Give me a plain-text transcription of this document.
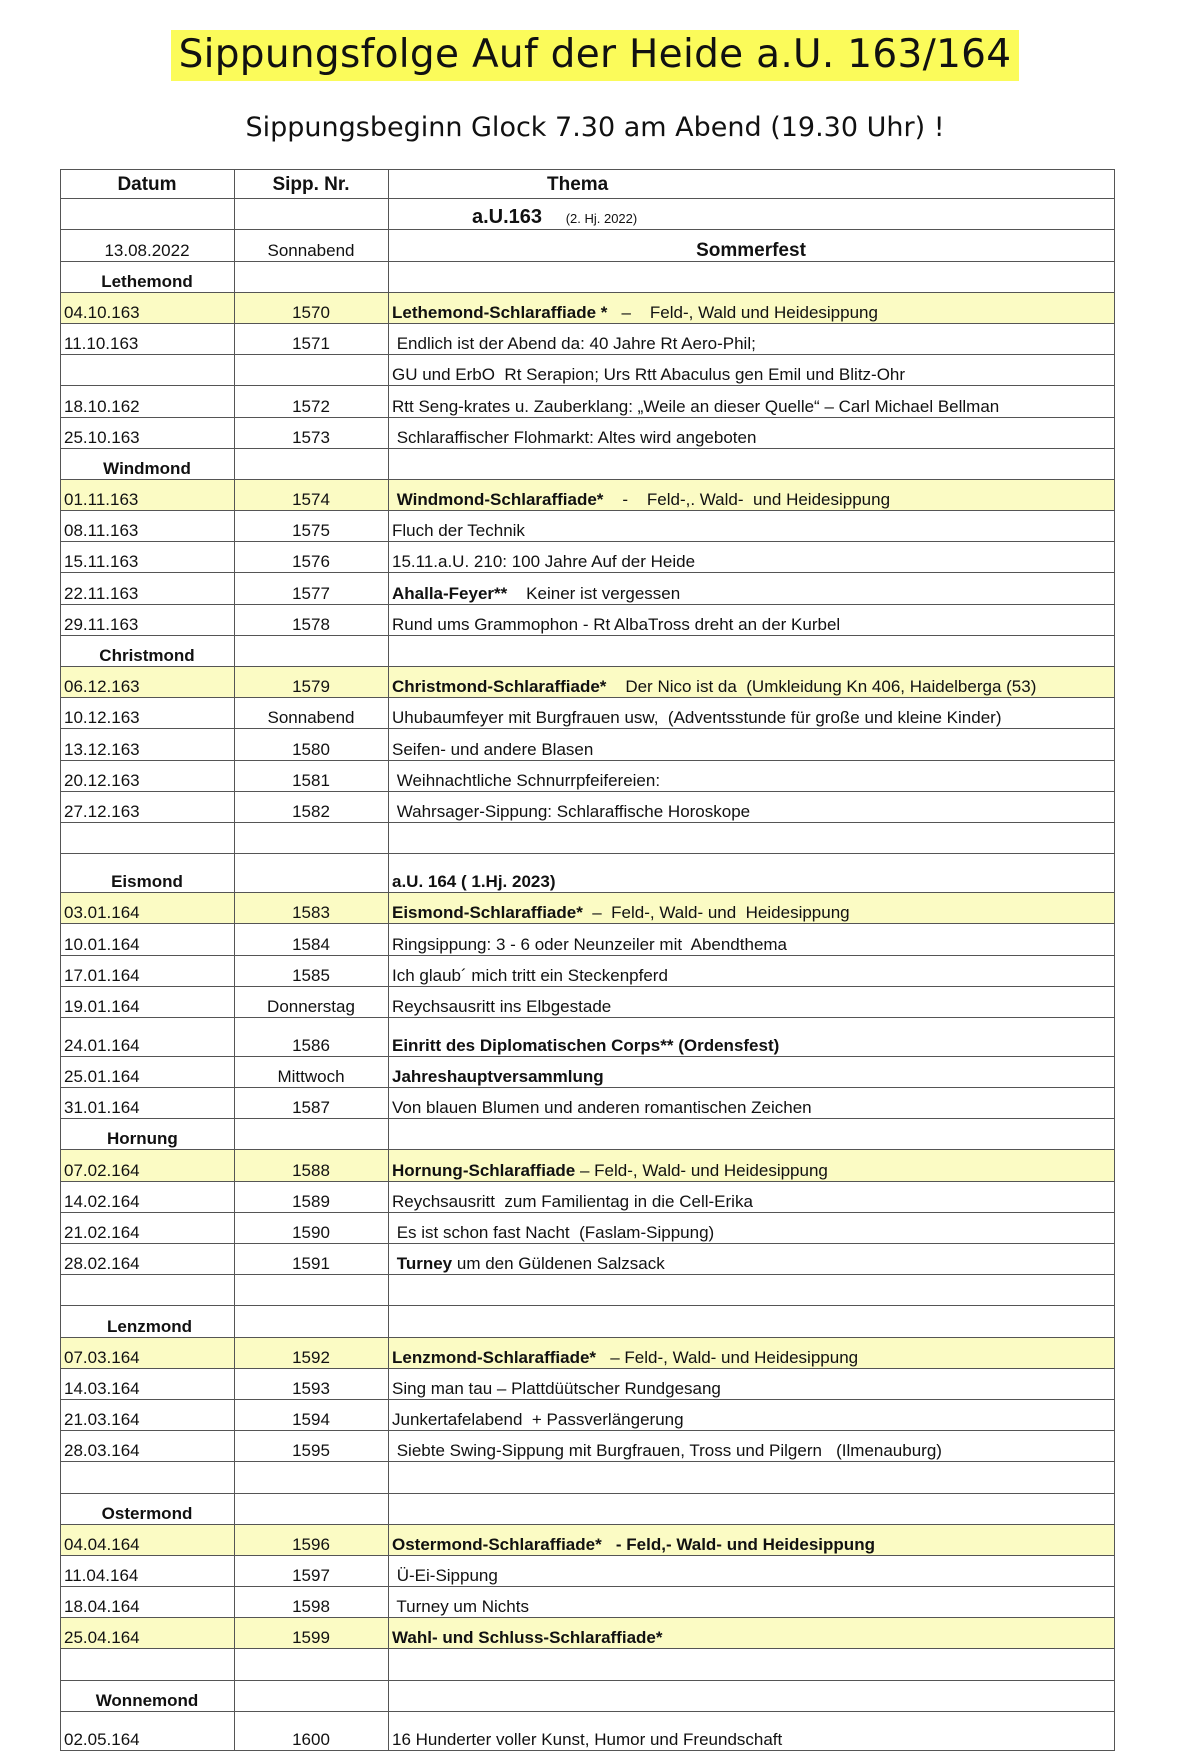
Sippungsfolge Auf der Heide a.U. 163/164
Sippungsbeginn Glock 7.30 am Abend (19.30 Uhr) !
Datum	Sipp. Nr.	Thema
		a.U.163 (2. Hj. 2022)
13.08.2022	Sonnabend	Sommerfest
Lethemond		
04.10.163	1570	Lethemond-Schlaraffiade *   –    Feld-, Wald und Heidesippung
11.10.163	1571	Endlich ist der Abend da: 40 Jahre Rt Aero-Phil;
		GU und ErbO  Rt Serapion; Urs Rtt Abaculus gen Emil und Blitz-Ohr
18.10.162	1572	Rtt Seng-krates u. Zauberklang: „Weile an dieser Quelle“ – Carl Michael Bellman
25.10.163	1573	Schlaraffischer Flohmarkt: Altes wird angeboten
Windmond		
01.11.163	1574	Windmond-Schlaraffiade*    -    Feld-,. Wald-  und Heidesippung
08.11.163	1575	Fluch der Technik
15.11.163	1576	15.11.a.U. 210: 100 Jahre Auf der Heide
22.11.163	1577	Ahalla-Feyer**    Keiner ist vergessen
29.11.163	1578	Rund ums Grammophon - Rt AlbaTross dreht an der Kurbel
Christmond		
06.12.163	1579	Christmond-Schlaraffiade*    Der Nico ist da  (Umkleidung Kn 406, Haidelberga (53)
10.12.163	Sonnabend	Uhubaumfeyer mit Burgfrauen usw,  (Adventsstunde für große und kleine Kinder)
13.12.163	1580	Seifen- und andere Blasen
20.12.163	1581	Weihnachtliche Schnurrpfeifereien:
27.12.163	1582	Wahrsager-Sippung: Schlaraffische Horoskope

Eismond		a.U. 164 ( 1.Hj. 2023)
03.01.164	1583	Eismond-Schlaraffiade*  –  Feld-, Wald- und  Heidesippung
10.01.164	1584	Ringsippung: 3 - 6 oder Neunzeiler mit  Abendthema
17.01.164	1585	Ich glaub´ mich tritt ein Steckenpferd
19.01.164	Donnerstag	Reychsausritt ins Elbgestade
24.01.164	1586	Einritt des Diplomatischen Corps** (Ordensfest)
25.01.164	Mittwoch	Jahreshauptversammlung
31.01.164	1587	Von blauen Blumen und anderen romantischen Zeichen
Hornung		
07.02.164	1588	Hornung-Schlaraffiade – Feld-, Wald- und Heidesippung
14.02.164	1589	Reychsausritt  zum Familientag in die Cell-Erika
21.02.164	1590	Es ist schon fast Nacht  (Faslam-Sippung)
28.02.164	1591	Turney um den Güldenen Salzsack

Lenzmond		
07.03.164	1592	Lenzmond-Schlaraffiade*   – Feld-, Wald- und Heidesippung
14.03.164	1593	Sing man tau – Plattdüütscher Rundgesang
21.03.164	1594	Junkertafelabend  + Passverlängerung
28.03.164	1595	Siebte Swing-Sippung mit Burgfrauen, Tross und Pilgern   (Ilmenauburg)

Ostermond		
04.04.164	1596	Ostermond-Schlaraffiade*   - Feld,- Wald- und Heidesippung
11.04.164	1597	Ü-Ei-Sippung
18.04.164	1598	Turney um Nichts
25.04.164	1599	Wahl- und Schluss-Schlaraffiade*

Wonnemond		
02.05.164	1600	16 Hunderter voller Kunst, Humor und Freundschaft
